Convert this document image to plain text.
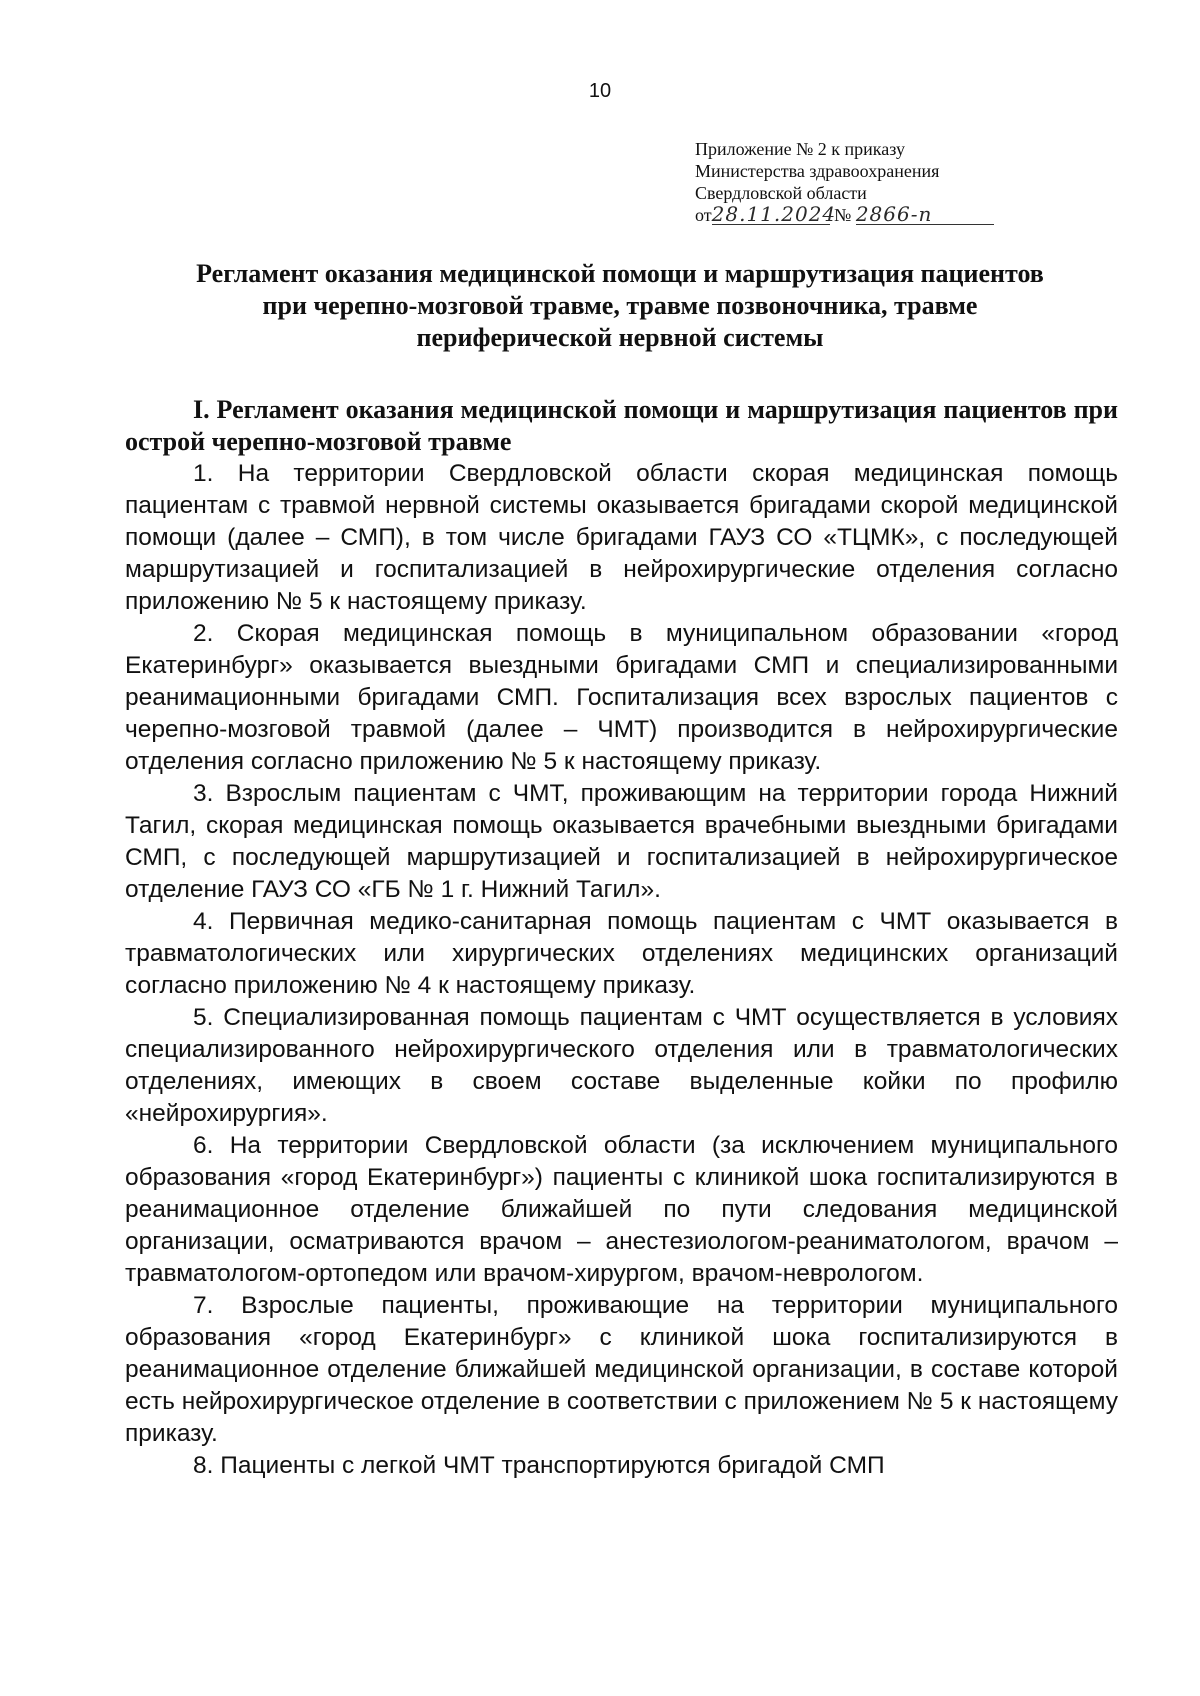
10
Приложение № 2 к приказу
Министерства здравоохранения
Свердловской области
от28.11.2024 № 2866-п
Регламент оказания медицинской помощи и маршрутизация пациентов
при черепно-мозговой травме, травме позвоночника, травме
периферической нервной системы

I. Регламент оказания медицинской помощи и маршрутизация пациентов при острой черепно-мозговой травме

1. На территории Свердловской области скорая медицинская помощь пациентам с травмой нервной системы оказывается бригадами скорой медицинской помощи (далее – СМП), в том числе бригадами ГАУЗ СО «ТЦМК», с последующей маршрутизацией и госпитализацией в нейрохирургические отделения согласно приложению № 5 к настоящему приказу.

2. Скорая медицинская помощь в муниципальном образовании «город Екатеринбург» оказывается выездными бригадами СМП и специализированными реанимационными бригадами СМП. Госпитализация всех взрослых пациентов с черепно-мозговой травмой (далее – ЧМТ) производится в нейрохирургические отделения согласно приложению № 5 к настоящему приказу.

3. Взрослым пациентам с ЧМТ, проживающим на территории города Нижний Тагил, скорая медицинская помощь оказывается врачебными выездными бригадами СМП, с последующей маршрутизацией и госпитализацией в нейрохирургическое отделение ГАУЗ СО «ГБ № 1 г. Нижний Тагил».

4. Первичная медико-санитарная помощь пациентам с ЧМТ оказывается в травматологических или хирургических отделениях медицинских организаций согласно приложению № 4 к настоящему приказу.

5. Специализированная помощь пациентам с ЧМТ осуществляется в условиях специализированного нейрохирургического отделения или в травматологических отделениях, имеющих в своем составе выделенные койки по профилю «нейрохирургия».

6. На территории Свердловской области (за исключением муниципального образования «город Екатеринбург») пациенты с клиникой шока госпитализируются в реанимационное отделение ближайшей по пути следования медицинской организации, осматриваются врачом – анестезиологом-реаниматологом, врачом – травматологом-ортопедом или врачом-хирургом, врачом-неврологом.

7. Взрослые пациенты, проживающие на территории муниципального образования «город Екатеринбург» с клиникой шока госпитализируются в реанимационное отделение ближайшей медицинской организации, в составе которой есть нейрохирургическое отделение в соответствии с приложением № 5 к настоящему приказу.

8. Пациенты с легкой ЧМТ транспортируются бригадой СМП
